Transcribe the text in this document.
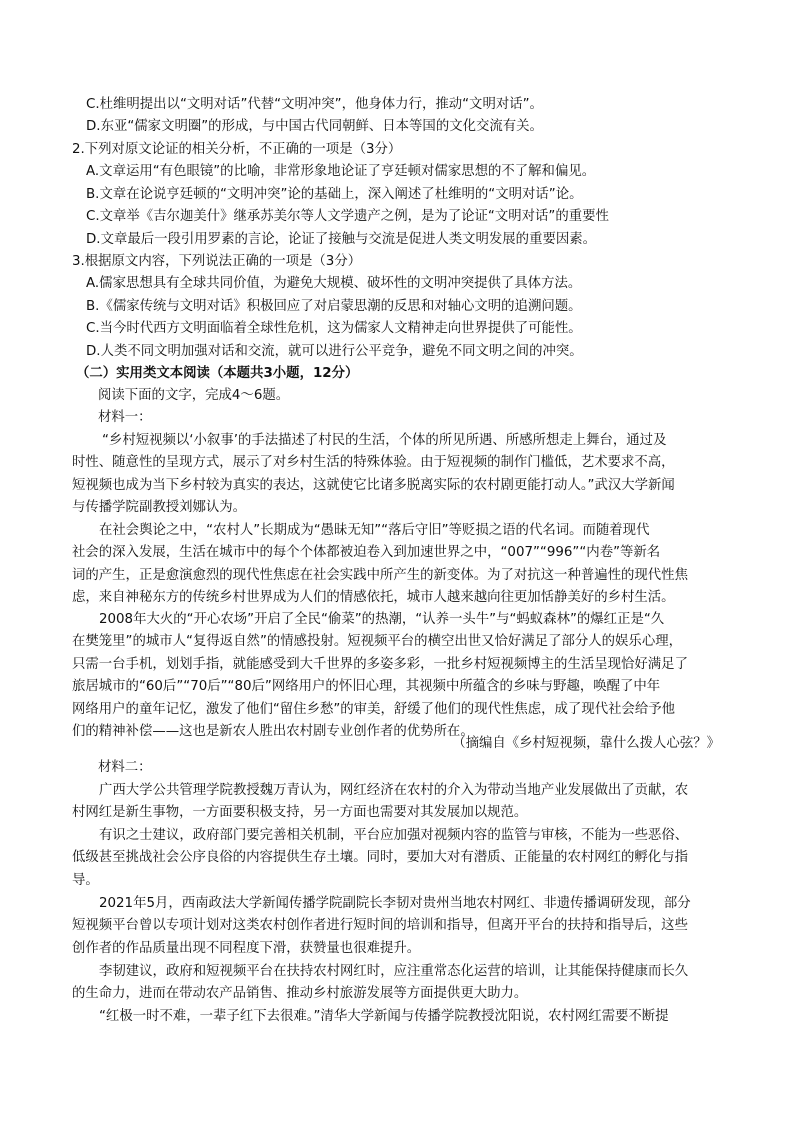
C.杜维明提出以“文明对话”代替“文明冲突”，他身体力行，推动“文明对话”。
D.东亚“儒家文明圈”的形成，与中国古代同朝鲜、日本等国的文化交流有关。
2.下列对原文论证的相关分析，不正确的一项是（3分）
A.文章运用“有色眼镜”的比喻，非常形象地论证了亨廷顿对儒家思想的不了解和偏见。
B.文章在论说亨廷顿的“文明冲突”论的基础上，深入阐述了杜维明的“文明对话”论。
C.文章举《吉尔迦美什》继承苏美尔等人文学遗产之例，是为了论证“文明对话”的重要性
D.文章最后一段引用罗素的言论，论证了接触与交流是促进人类文明发展的重要因素。
3.根据原文内容，下列说法正确的一项是（3分）
A.儒家思想具有全球共同价值，为避免大规模、破坏性的文明冲突提供了具体方法。
B.《儒家传统与文明对话》积极回应了对启蒙思潮的反思和对轴心文明的追溯问题。
C.当今时代西方文明面临着全球性危机，这为儒家人文精神走向世界提供了可能性。
D.人类不同文明加强对话和交流，就可以进行公平竞争，避免不同文明之间的冲突。
（二）实用类文本阅读（本题共3小题，12分）
阅读下面的文字，完成4～6题。
材料一：
“乡村短视频以‘小叙事’的手法描述了村民的生活，个体的所见所遇、所感所想走上舞台，通过及
时性、随意性的呈现方式，展示了对乡村生活的特殊体验。由于短视频的制作门槛低，艺术要求不高，
短视频也成为当下乡村较为真实的表达，这就使它比诸多脱离实际的农村剧更能打动人。”武汉大学新闻
与传播学院副教授刘娜认为。
在社会舆论之中，“农村人”长期成为“愚昧无知”“落后守旧”等贬损之语的代名词。而随着现代
社会的深入发展，生活在城市中的每个个体都被迫卷入到加速世界之中，“007”“996”“内卷”等新名
词的产生，正是愈演愈烈的现代性焦虑在社会实践中所产生的新变体。为了对抗这一种普遍性的现代性焦
虑，来自神秘东方的传统乡村世界成为人们的情感依托，城市人越来越向往更加恬静美好的乡村生活。
2008年大火的“开心农场”开启了全民“偷菜”的热潮，“认养一头牛”与“蚂蚁森林”的爆红正是“久
在樊笼里”的城市人“复得返自然”的情感投射。短视频平台的横空出世又恰好满足了部分人的娱乐心理，
只需一台手机，划划手指，就能感受到大千世界的多姿多彩，一批乡村短视频博主的生活呈现恰好满足了
旅居城市的“60后”“70后”“80后”网络用户的怀旧心理，其视频中所蕴含的乡味与野趣，唤醒了中年
网络用户的童年记忆，激发了他们“留住乡愁”的审美，舒缓了他们的现代性焦虑，成了现代社会给予他
们的精神补偿——这也是新农人胜出农村剧专业创作者的优势所在。
（摘编自《乡村短视频，靠什么拨人心弦？》
材料二：
广西大学公共管理学院教授魏万青认为，网红经济在农村的介入为带动当地产业发展做出了贡献，农
村网红是新生事物，一方面要积极支持，另一方面也需要对其发展加以规范。
有识之士建议，政府部门要完善相关机制，平台应加强对视频内容的监管与审核，不能为一些恶俗、
低级甚至挑战社会公序良俗的内容提供生存土壤。同时，要加大对有潜质、正能量的农村网红的孵化与指
导。
2021年5月，西南政法大学新闻传播学院副院长李韧对贵州当地农村网红、非遗传播调研发现，部分
短视频平台曾以专项计划对这类农村创作者进行短时间的培训和指导，但离开平台的扶持和指导后，这些
创作者的作品质量出现不同程度下滑，获赞量也很难提升。
李韧建议，政府和短视频平台在扶持农村网红时，应注重常态化运营的培训，让其能保持健康而长久
的生命力，进而在带动农产品销售、推动乡村旅游发展等方面提供更大助力。
“红极一时不难，一辈子红下去很难。”清华大学新闻与传播学院教授沈阳说，农村网红需要不断提
